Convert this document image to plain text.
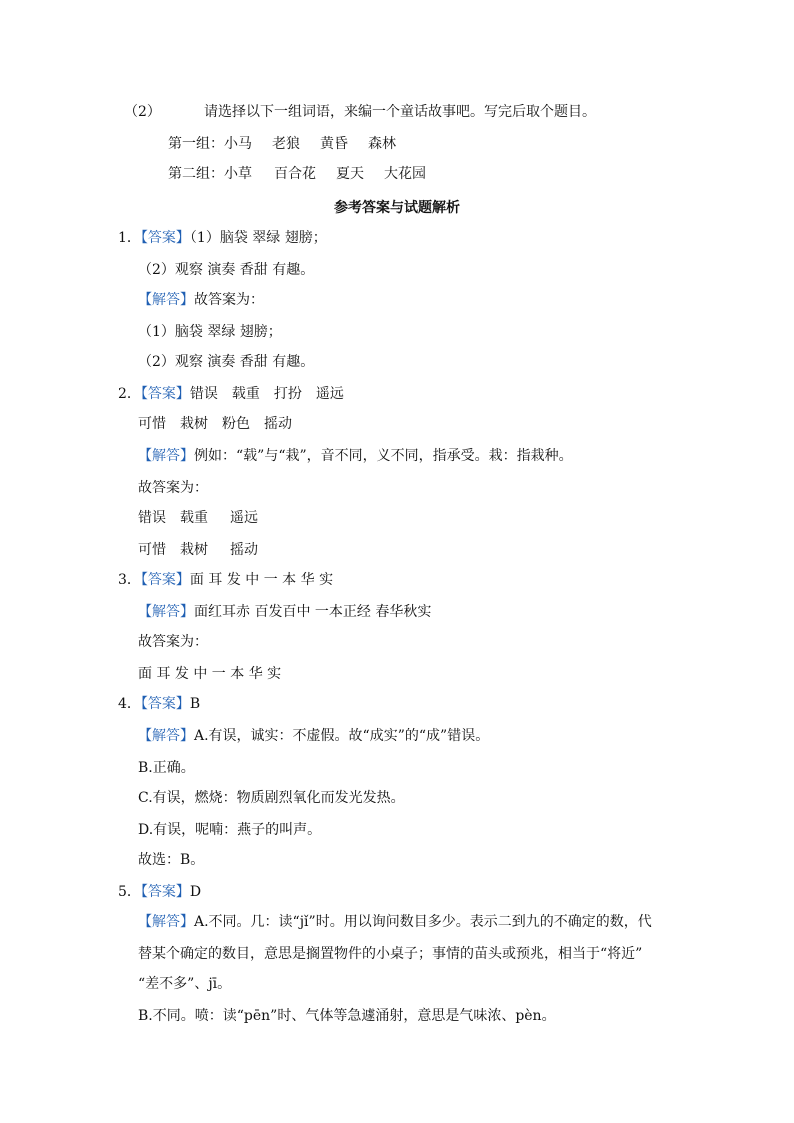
（2）	请选择以下一组词语，来编一个童话故事吧。写完后取个题目。
第一组：小马 老狼 黄昏 森林
第二组：小草 百合花 夏天 大花园
参考答案与试题解析
1．【答案】（1）脑袋 翠绿 翅膀；
（2）观察 演奏 香甜 有趣。
【解答】故答案为：
（1）脑袋 翠绿 翅膀；
（2）观察 演奏 香甜 有趣。
2．【答案】错误 载重 打扮 遥远
可惜 栽树 粉色 摇动
【解答】例如：“载”与“栽”，音不同，义不同，指承受。栽：指栽种。
故答案为：
错误 载重 遥远
可惜 栽树 摇动
3．【答案】面 耳 发 中 一 本 华 实
【解答】面红耳赤 百发百中 一本正经 春华秋实
故答案为：
面 耳 发 中 一 本 华 实
4．【答案】B
【解答】A.有误，诚实：不虚假。故“成实”的“成”错误。
B.正确。
C.有误，燃烧：物质剧烈氧化而发光发热。
D.有误，呢喃：燕子的叫声。
故选：B。
5．【答案】D
【解答】A.不同。几：读“jǐ”时。用以询问数目多少。表示二到九的不确定的数，代
替某个确定的数目，意思是搁置物件的小桌子；事情的苗头或预兆，相当于“将近”
“差不多”、jī。
B.不同。喷：读“pēn”时、气体等急遽涌射，意思是气味浓、pèn。
